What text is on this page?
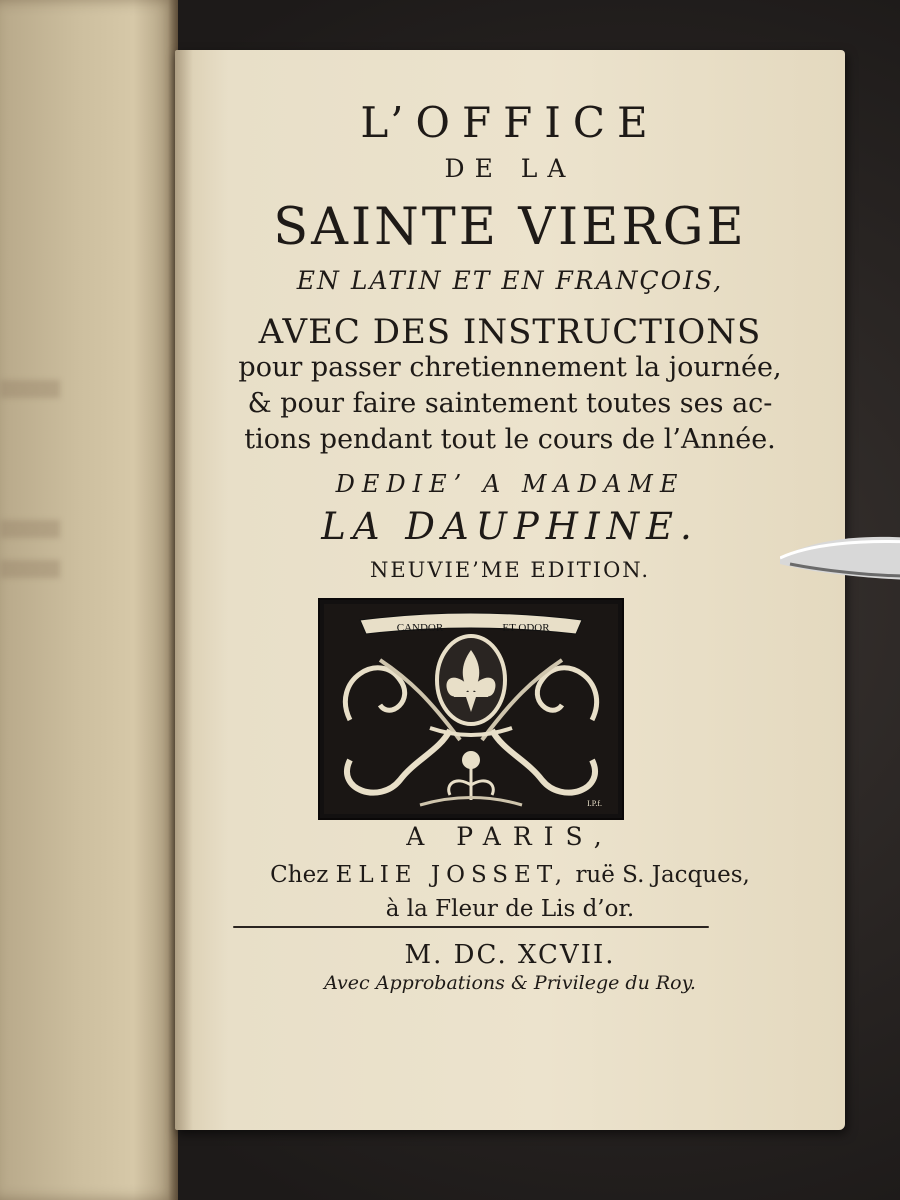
L’OFFICE
DE LA
SAINTE VIERGE
EN LATIN ET EN FRANÇOIS,
AVEC DES INSTRUCTIONS
pour passer chretiennement la journée,
& pour faire saintement toutes ses ac-
tions pendant tout le cours de l’Année.
DEDIE’ A MADAME
LA DAUPHINE.
NEUVIE’ME EDITION.
CANDOR	ET ODOR
I.P.f.
A PARIS,
Chez ELIE JOSSET, ruë S. Jacques,
à la Fleur de Lis d’or.
M. DC. XCVII.
Avec Approbations & Privilege du Roy.
